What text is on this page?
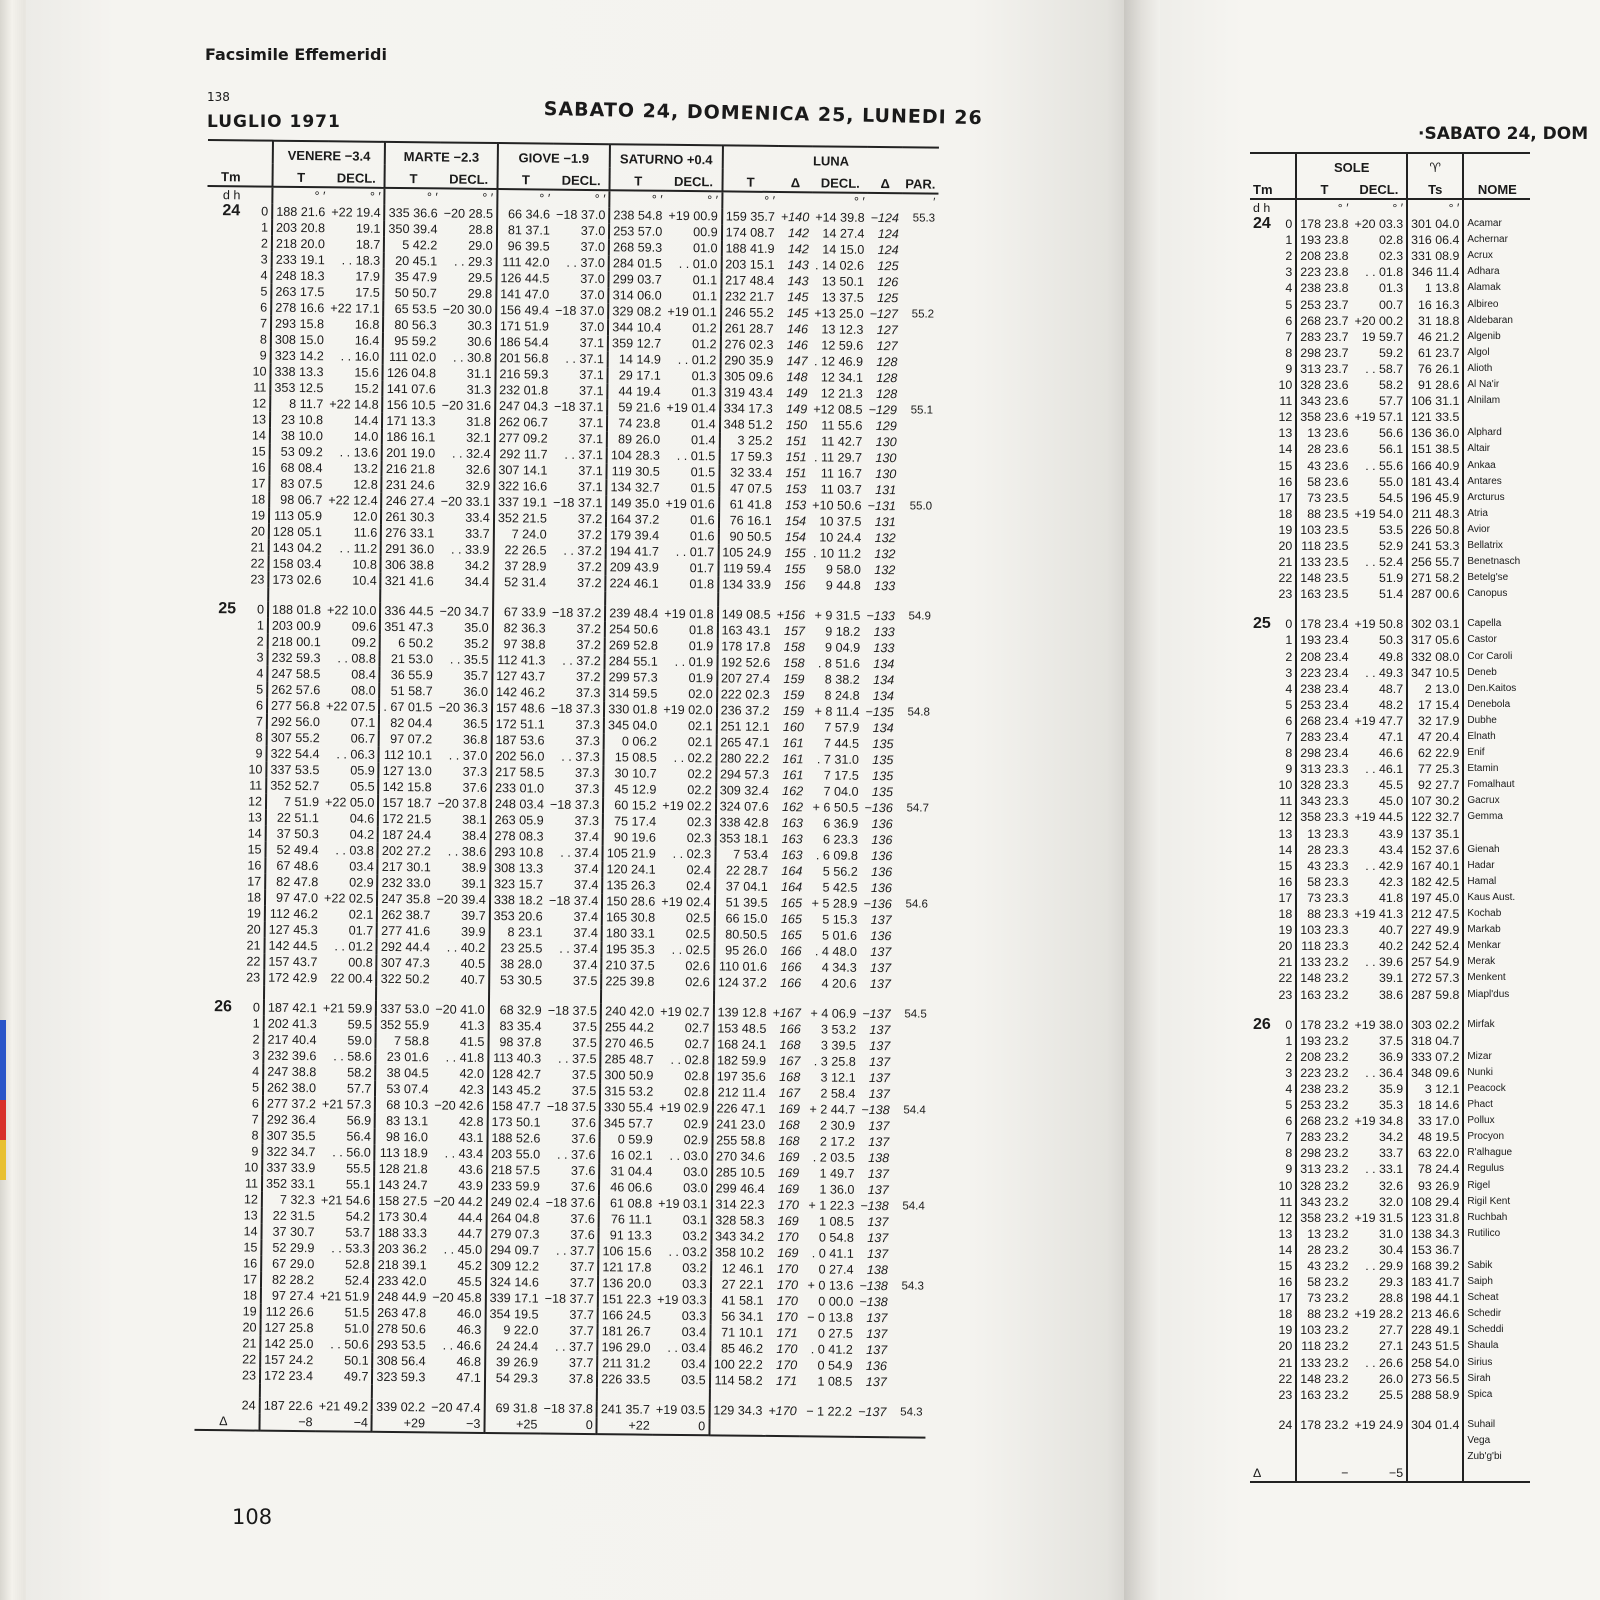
Facsimile Effemeridi
138
LUGLIO 1971	SABATO 24, DOMENICA 25, LUNEDI 26
108
·SABATO 24, DOM
Tm		VENERE −3.4		MARTE −2.3		GIOVE −1.9		SATURNO +0.4		LUNA				
		T	DECL.	T	DECL.	T	DECL.	T	DECL.	T	Δ	DECL.	Δ	PAR.
d h		° ′	° ′	° ′	° ′	° ′	° ′	° ′	° ′	° ′		° ′		′
24	0	188 21.6	+22 19.4	335 36.6	−20 28.5	66 34.6	−18 37.0	238 54.8	+19 00.9	159 35.7	+140	+14 39.8	−124	55.3
	1	203 20.8	19.1	350 39.4	28.8	81 37.1	37.0	253 57.0	00.9	174 08.7	142	14 27.4	124	
	2	218 20.0	18.7	5 42.2	29.0	96 39.5	37.0	268 59.3	01.0	188 41.9	142	14 15.0	124	
	3	233 19.1	. . 18.3	20 45.1	. . 29.3	111 42.0	. . 37.0	284 01.5	. . 01.0	203 15.1	143	. 14 02.6	125	
	4	248 18.3	17.9	35 47.9	29.5	126 44.5	37.0	299 03.7	01.1	217 48.4	143	13 50.1	126	
	5	263 17.5	17.5	50 50.7	29.8	141 47.0	37.0	314 06.0	01.1	232 21.7	145	13 37.5	125	
	6	278 16.6	+22 17.1	65 53.5	−20 30.0	156 49.4	−18 37.0	329 08.2	+19 01.1	246 55.2	145	+13 25.0	−127	55.2
	7	293 15.8	16.8	80 56.3	30.3	171 51.9	37.0	344 10.4	01.2	261 28.7	146	13 12.3	127	
	8	308 15.0	16.4	95 59.2	30.6	186 54.4	37.1	359 12.7	01.2	276 02.3	146	12 59.6	127	
	9	323 14.2	. . 16.0	111 02.0	. . 30.8	201 56.8	. . 37.1	14 14.9	. . 01.2	290 35.9	147	. 12 46.9	128	
	10	338 13.3	15.6	126 04.8	31.1	216 59.3	37.1	29 17.1	01.3	305 09.6	148	12 34.1	128	
	11	353 12.5	15.2	141 07.6	31.3	232 01.8	37.1	44 19.4	01.3	319 43.4	149	12 21.3	128	
	12	8 11.7	+22 14.8	156 10.5	−20 31.6	247 04.3	−18 37.1	59 21.6	+19 01.4	334 17.3	149	+12 08.5	−129	55.1
	13	23 10.8	14.4	171 13.3	31.8	262 06.7	37.1	74 23.8	01.4	348 51.2	150	11 55.6	129	
	14	38 10.0	14.0	186 16.1	32.1	277 09.2	37.1	89 26.0	01.4	3 25.2	151	11 42.7	130	
	15	53 09.2	. . 13.6	201 19.0	. . 32.4	292 11.7	. . 37.1	104 28.3	. . 01.5	17 59.3	151	. 11 29.7	130	
	16	68 08.4	13.2	216 21.8	32.6	307 14.1	37.1	119 30.5	01.5	32 33.4	151	11 16.7	130	
	17	83 07.5	12.8	231 24.6	32.9	322 16.6	37.1	134 32.7	01.5	47 07.5	153	11 03.7	131	
	18	98 06.7	+22 12.4	246 27.4	−20 33.1	337 19.1	−18 37.1	149 35.0	+19 01.6	61 41.8	153	+10 50.6	−131	55.0
	19	113 05.9	12.0	261 30.3	33.4	352 21.5	37.2	164 37.2	01.6	76 16.1	154	10 37.5	131	
	20	128 05.1	11.6	276 33.1	33.7	7 24.0	37.2	179 39.4	01.6	90 50.5	154	10 24.4	132	
	21	143 04.2	. . 11.2	291 36.0	. . 33.9	22 26.5	. . 37.2	194 41.7	. . 01.7	105 24.9	155	. 10 11.2	132	
	22	158 03.4	10.8	306 38.8	34.2	37 28.9	37.2	209 43.9	01.7	119 59.4	155	9 58.0	132	
	23	173 02.6	10.4	321 41.6	34.4	52 31.4	37.2	224 46.1	01.8	134 33.9	156	9 44.8	133	

25	0	188 01.8	+22 10.0	336 44.5	−20 34.7	67 33.9	−18 37.2	239 48.4	+19 01.8	149 08.5	+156	+ 9 31.5	−133	54.9
	1	203 00.9	09.6	351 47.3	35.0	82 36.3	37.2	254 50.6	01.8	163 43.1	157	9 18.2	133	
	2	218 00.1	09.2	6 50.2	35.2	97 38.8	37.2	269 52.8	01.9	178 17.8	158	9 04.9	133	
	3	232 59.3	. . 08.8	21 53.0	. . 35.5	112 41.3	. . 37.2	284 55.1	. . 01.9	192 52.6	158	. 8 51.6	134	
	4	247 58.5	08.4	36 55.9	35.7	127 43.7	37.2	299 57.3	01.9	207 27.4	159	8 38.2	134	
	5	262 57.6	08.0	51 58.7	36.0	142 46.2	37.3	314 59.5	02.0	222 02.3	159	8 24.8	134	
	6	277 56.8	+22 07.5	. 67 01.5	−20 36.3	157 48.6	−18 37.3	330 01.8	+19 02.0	236 37.2	159	+ 8 11.4	−135	54.8
	7	292 56.0	07.1	82 04.4	36.5	172 51.1	37.3	345 04.0	02.1	251 12.1	160	7 57.9	134	
	8	307 55.2	06.7	97 07.2	36.8	187 53.6	37.3	0 06.2	02.1	265 47.1	161	7 44.5	135	
	9	322 54.4	. . 06.3	112 10.1	. . 37.0	202 56.0	. . 37.3	15 08.5	. . 02.2	280 22.2	161	. 7 31.0	135	
	10	337 53.5	05.9	127 13.0	37.3	217 58.5	37.3	30 10.7	02.2	294 57.3	161	7 17.5	135	
	11	352 52.7	05.5	142 15.8	37.6	233 01.0	37.3	45 12.9	02.2	309 32.4	162	7 04.0	135	
	12	7 51.9	+22 05.0	157 18.7	−20 37.8	248 03.4	−18 37.3	60 15.2	+19 02.2	324 07.6	162	+ 6 50.5	−136	54.7
	13	22 51.1	04.6	172 21.5	38.1	263 05.9	37.3	75 17.4	02.3	338 42.8	163	6 36.9	136	
	14	37 50.3	04.2	187 24.4	38.4	278 08.3	37.4	90 19.6	02.3	353 18.1	163	6 23.3	136	
	15	52 49.4	. . 03.8	202 27.2	. . 38.6	293 10.8	. . 37.4	105 21.9	. . 02.3	7 53.4	163	. 6 09.8	136	
	16	67 48.6	03.4	217 30.1	38.9	308 13.3	37.4	120 24.1	02.4	22 28.7	164	5 56.2	136	
	17	82 47.8	02.9	232 33.0	39.1	323 15.7	37.4	135 26.3	02.4	37 04.1	164	5 42.5	136	
	18	97 47.0	+22 02.5	247 35.8	−20 39.4	338 18.2	−18 37.4	150 28.6	+19 02.4	51 39.5	165	+ 5 28.9	−136	54.6
	19	112 46.2	02.1	262 38.7	39.7	353 20.6	37.4	165 30.8	02.5	66 15.0	165	5 15.3	137	
	20	127 45.3	01.7	277 41.6	39.9	8 23.1	37.4	180 33.1	02.5	80.50.5	165	5 01.6	136	
	21	142 44.5	. . 01.2	292 44.4	. . 40.2	23 25.5	. . 37.4	195 35.3	. . 02.5	95 26.0	166	. 4 48.0	137	
	22	157 43.7	00.8	307 47.3	40.5	38 28.0	37.4	210 37.5	02.6	110 01.6	166	4 34.3	137	
	23	172 42.9	22 00.4	322 50.2	40.7	53 30.5	37.5	225 39.8	02.6	124 37.2	166	4 20.6	137	

26	0	187 42.1	+21 59.9	337 53.0	−20 41.0	68 32.9	−18 37.5	240 42.0	+19 02.7	139 12.8	+167	+ 4 06.9	−137	54.5
	1	202 41.3	59.5	352 55.9	41.3	83 35.4	37.5	255 44.2	02.7	153 48.5	166	3 53.2	137	
	2	217 40.4	59.0	7 58.8	41.5	98 37.8	37.5	270 46.5	02.7	168 24.1	168	3 39.5	137	
	3	232 39.6	. . 58.6	23 01.6	. . 41.8	113 40.3	. . 37.5	285 48.7	. . 02.8	182 59.9	167	. 3 25.8	137	
	4	247 38.8	58.2	38 04.5	42.0	128 42.7	37.5	300 50.9	02.8	197 35.6	168	3 12.1	137	
	5	262 38.0	57.7	53 07.4	42.3	143 45.2	37.5	315 53.2	02.8	212 11.4	167	2 58.4	137	
	6	277 37.2	+21 57.3	68 10.3	−20 42.6	158 47.7	−18 37.5	330 55.4	+19 02.9	226 47.1	169	+ 2 44.7	−138	54.4
	7	292 36.4	56.9	83 13.1	42.8	173 50.1	37.6	345 57.7	02.9	241 23.0	168	2 30.9	137	
	8	307 35.5	56.4	98 16.0	43.1	188 52.6	37.6	0 59.9	02.9	255 58.8	168	2 17.2	137	
	9	322 34.7	. . 56.0	113 18.9	. . 43.4	203 55.0	. . 37.6	16 02.1	. . 03.0	270 34.6	169	. 2 03.5	138	
	10	337 33.9	55.5	128 21.8	43.6	218 57.5	37.6	31 04.4	03.0	285 10.5	169	1 49.7	137	
	11	352 33.1	55.1	143 24.7	43.9	233 59.9	37.6	46 06.6	03.0	299 46.4	169	1 36.0	137	
	12	7 32.3	+21 54.6	158 27.5	−20 44.2	249 02.4	−18 37.6	61 08.8	+19 03.1	314 22.3	170	+ 1 22.3	−138	54.4
	13	22 31.5	54.2	173 30.4	44.4	264 04.8	37.6	76 11.1	03.1	328 58.3	169	1 08.5	137	
	14	37 30.7	53.7	188 33.3	44.7	279 07.3	37.6	91 13.3	03.2	343 34.2	170	0 54.8	137	
	15	52 29.9	. . 53.3	203 36.2	. . 45.0	294 09.7	. . 37.7	106 15.6	. . 03.2	358 10.2	169	. 0 41.1	137	
	16	67 29.0	52.8	218 39.1	45.2	309 12.2	37.7	121 17.8	03.2	12 46.1	170	0 27.4	138	
	17	82 28.2	52.4	233 42.0	45.5	324 14.6	37.7	136 20.0	03.3	27 22.1	170	+ 0 13.6	−138	54.3
	18	97 27.4	+21 51.9	248 44.9	−20 45.8	339 17.1	−18 37.7	151 22.3	+19 03.3	41 58.1	170	0 00.0	−138	
	19	112 26.6	51.5	263 47.8	46.0	354 19.5	37.7	166 24.5	03.3	56 34.1	170	− 0 13.8	137	
	20	127 25.8	51.0	278 50.6	46.3	9 22.0	37.7	181 26.7	03.4	71 10.1	171	0 27.5	137	
	21	142 25.0	. . 50.6	293 53.5	. . 46.6	24 24.4	. . 37.7	196 29.0	. . 03.4	85 46.2	170	. 0 41.2	137	
	22	157 24.2	50.1	308 56.4	46.8	39 26.9	37.7	211 31.2	03.4	100 22.2	170	0 54.9	136	
	23	172 23.4	49.7	323 59.3	47.1	54 29.3	37.8	226 33.5	03.5	114 58.2	171	1 08.5	137	

	24	187 22.6	+21 49.2	339 02.2	−20 47.4	69 31.8	−18 37.8	241 35.7	+19 03.5	129 34.3	+170	− 1 22.2	−137	54.3
Δ		−8	−4	+29	−3	+25	0	+22	0					
Tm		SOLE		♈	
		T	DECL.	Ts	NOME
d h		° ′	° ′	° ′	
24	0	178 23.8	+20 03.3	301 04.0	Acamar
	1	193 23.8	02.8	316 06.4	Achernar
	2	208 23.8	02.3	331 08.9	Acrux
	3	223 23.8	. . 01.8	346 11.4	Adhara
	4	238 23.8	01.3	1 13.8	Alamak
	5	253 23.7	00.7	16 16.3	Albireo
	6	268 23.7	+20 00.2	31 18.8	Aldebaran
	7	283 23.7	19 59.7	46 21.2	Algenib
	8	298 23.7	59.2	61 23.7	Algol
	9	313 23.7	. . 58.7	76 26.1	Alioth
	10	328 23.6	58.2	91 28.6	Al Na'ir
	11	343 23.6	57.7	106 31.1	Alnilam
	12	358 23.6	+19 57.1	121 33.5	
	13	13 23.6	56.6	136 36.0	Alphard
	14	28 23.6	56.1	151 38.5	Altair
	15	43 23.6	. . 55.6	166 40.9	Ankaa
	16	58 23.6	55.0	181 43.4	Antares
	17	73 23.5	54.5	196 45.9	Arcturus
	18	88 23.5	+19 54.0	211 48.3	Atria
	19	103 23.5	53.5	226 50.8	Avior
	20	118 23.5	52.9	241 53.3	Bellatrix
	21	133 23.5	. . 52.4	256 55.7	Benetnasch
	22	148 23.5	51.9	271 58.2	Betelg'se
	23	163 23.5	51.4	287 00.6	Canopus

25	0	178 23.4	+19 50.8	302 03.1	Capella
	1	193 23.4	50.3	317 05.6	Castor
	2	208 23.4	49.8	332 08.0	Cor Caroli
	3	223 23.4	. . 49.3	347 10.5	Deneb
	4	238 23.4	48.7	2 13.0	Den.Kaitos
	5	253 23.4	48.2	17 15.4	Denebola
	6	268 23.4	+19 47.7	32 17.9	Dubhe
	7	283 23.4	47.1	47 20.4	Elnath
	8	298 23.4	46.6	62 22.9	Enif
	9	313 23.3	. . 46.1	77 25.3	Etamin
	10	328 23.3	45.5	92 27.7	Fomalhaut
	11	343 23.3	45.0	107 30.2	Gacrux
	12	358 23.3	+19 44.5	122 32.7	Gemma
	13	13 23.3	43.9	137 35.1	
	14	28 23.3	43.4	152 37.6	Gienah
	15	43 23.3	. . 42.9	167 40.1	Hadar
	16	58 23.3	42.3	182 42.5	Hamal
	17	73 23.3	41.8	197 45.0	Kaus Aust.
	18	88 23.3	+19 41.3	212 47.5	Kochab
	19	103 23.3	40.7	227 49.9	Markab
	20	118 23.3	40.2	242 52.4	Menkar
	21	133 23.2	. . 39.6	257 54.9	Merak
	22	148 23.2	39.1	272 57.3	Menkent
	23	163 23.2	38.6	287 59.8	Miapl'dus

26	0	178 23.2	+19 38.0	303 02.2	Mirfak
	1	193 23.2	37.5	318 04.7	
	2	208 23.2	36.9	333 07.2	Mizar
	3	223 23.2	. . 36.4	348 09.6	Nunki
	4	238 23.2	35.9	3 12.1	Peacock
	5	253 23.2	35.3	18 14.6	Phact
	6	268 23.2	+19 34.8	33 17.0	Pollux
	7	283 23.2	34.2	48 19.5	Procyon
	8	298 23.2	33.7	63 22.0	R'alhague
	9	313 23.2	. . 33.1	78 24.4	Regulus
	10	328 23.2	32.6	93 26.9	Rigel
	11	343 23.2	32.0	108 29.4	Rigil Kent
	12	358 23.2	+19 31.5	123 31.8	Ruchbah
	13	13 23.2	31.0	138 34.3	Rutilico
	14	28 23.2	30.4	153 36.7	
	15	43 23.2	. . 29.9	168 39.2	Sabik
	16	58 23.2	29.3	183 41.7	Saiph
	17	73 23.2	28.8	198 44.1	Scheat
	18	88 23.2	+19 28.2	213 46.6	Schedir
	19	103 23.2	27.7	228 49.1	Scheddi
	20	118 23.2	27.1	243 51.5	Shaula
	21	133 23.2	. . 26.6	258 54.0	Sirius
	22	148 23.2	26.0	273 56.5	Sirah
	23	163 23.2	25.5	288 58.9	Spica

	24	178 23.2	+19 24.9	304 01.4	Suhail
					Vega
					Zub'g'bi
Δ		−	−5		
